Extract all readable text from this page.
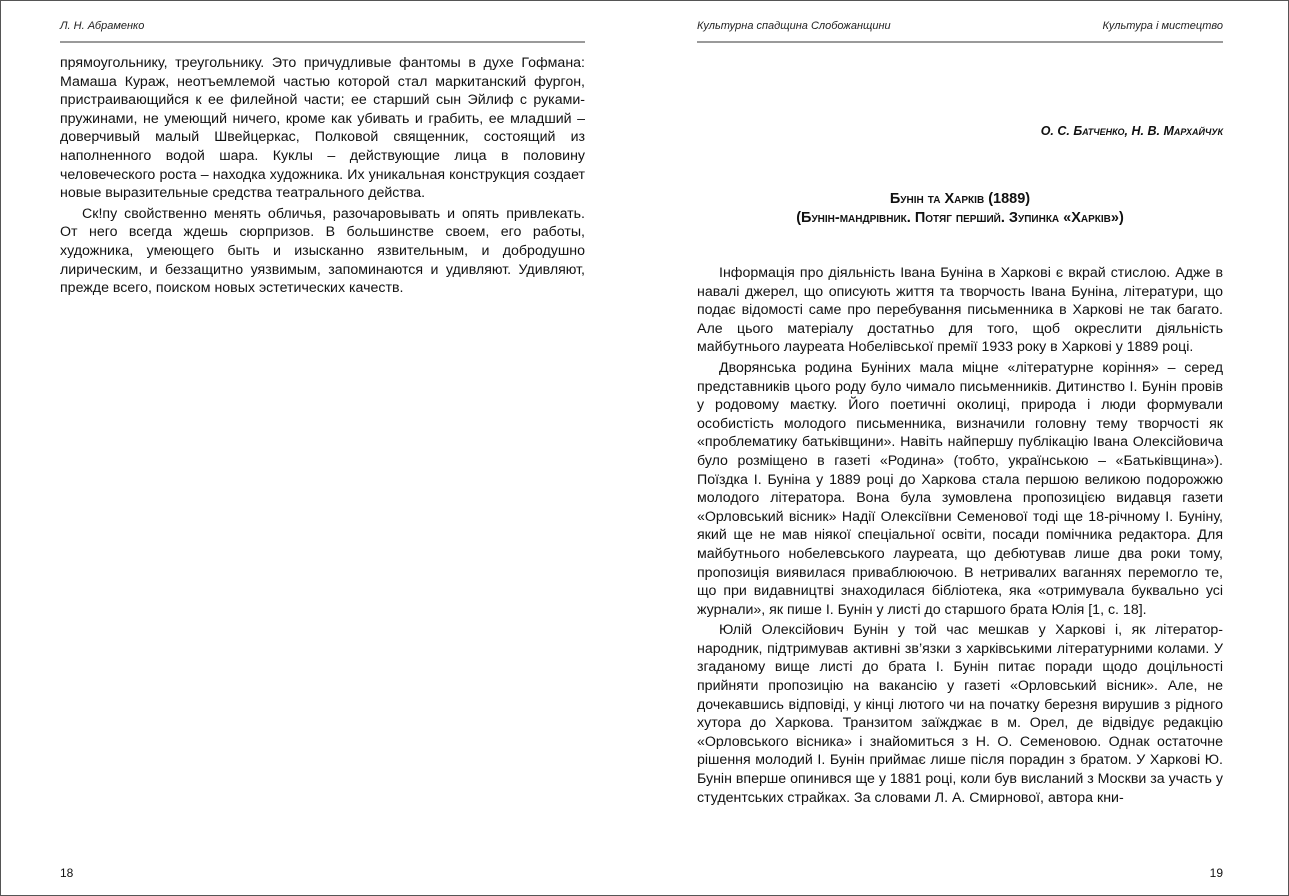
Л. Н. Абраменко

прямоугольнику, треугольнику. Это причудливые фантомы в духе Гофмана: Мамаша Кураж, неотъемлемой частью которой стал маркитанский фургон, пристраивающийся к ее филейной части; ее старший сын Эйлиф с руками-пружинами, не умеющий ничего, кроме как убивать и грабить, ее младший – доверчивый малый Швейцеркас, Полковой священник, состоящий из наполненного водой шара. Куклы – действующие лица в половину человеческого роста – находка художника. Их уникальная конструкция создает новые выразительные средства театрального действа.

Ск!пу свойственно менять обличья, разочаровывать и опять привлекать. От него всегда ждешь сюрпризов. В большинстве своем, его работы, художника, умеющего быть и изысканно язвительным, и добродушно лирическим, и беззащитно уязвимым, запоминаются и удивляют. Удивляют, прежде всего, поиском новых эстетических качеств.

18
Культурна спадщина Слобожанщини	Культура і мистецтво
О. С. Батченко, Н. В. Мархайчук
Бунін та Харків (1889)
(Бунін-мандрівник. Потяг перший. Зупинка «Харків»)

Інформація про діяльність Івана Буніна в Харкові є вкрай стислою. Адже в навалі джерел, що описують життя та творчость Івана Буніна, літератури, що подає відомості саме про перебування письменника в Харкові не так багато. Але цього матеріалу достатньо для того, щоб окреслити діяльність майбутнього лауреата Нобелівської премії 1933 року в Харкові у 1889 році.

Дворянська родина Буніних мала міцне «літературне коріння» – серед представників цього роду було чимало письменників. Дитинство І. Бунін провів у родовому маєтку. Його поетичні околиці, природа і люди формували особистість молодого письменника, визначили головну тему творчості як «проблематику батьківщини». Навіть найпершу публікацію Івана Олексійовича було розміщено в газеті «Родина» (тобто, українською – «Батьківщина»). Поїздка І. Буніна у 1889 році до Харкова стала першою великою подорожжю молодого літератора. Вона була зумовлена пропозицією видавця газети «Орловський вісник» Надії Олексіївни Семенової тоді ще 18-річному І. Буніну, який ще не мав ніякої спеціальної освіти, посади помічника редактора. Для майбутнього нобелевського лауреата, що дебютував лише два роки тому, пропозиція виявилася приваблюючою. В нетривалих ваганнях перемогло те, що при видавництві знаходилася бібліотека, яка «отримувала буквально усі журнали», як пише І. Бунін у листі до старшого брата Юлія [1, с. 18].

Юлій Олексійович Бунін у той час мешкав у Харкові і, як літератор-народник, підтримував активні зв’язки з харківськими літературними колами. У згаданому вище листі до брата І. Бунін питає поради щодо доцільності прийняти пропозицію на вакансію у газеті «Орловський вісник». Але, не дочекавшись відповіді, у кінці лютого чи на початку березня вирушив з рідного хутора до Харкова. Транзитом заїжджає в м. Орел, де відвідує редакцію «Орловського вісника» і знайомиться з Н. О. Семеновою. Однак остаточне рішення молодий І. Бунін приймає лише після порадин з братом. У Харкові Ю. Бунін вперше опинився ще у 1881 році, коли був висланий з Москви за участь у студентських страйках. За словами Л. А. Смирнової, автора кни-

19
